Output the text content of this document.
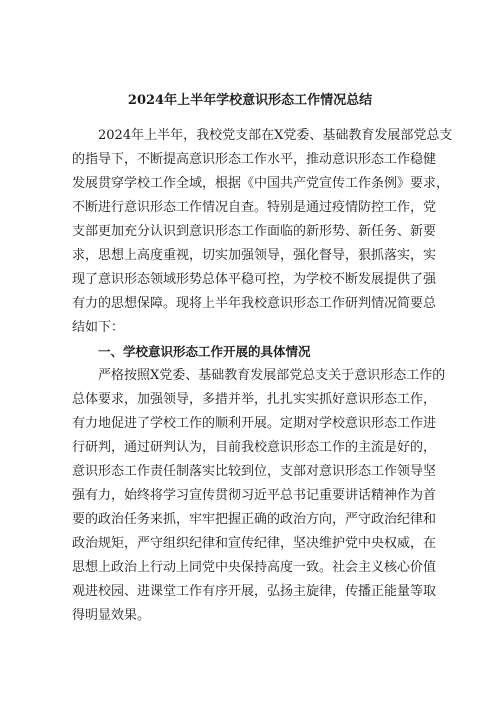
2024年上半年学校意识形态工作情况总结
2024年上半年，我校党支部在X党委、基础教育发展部党总支
的指导下，不断提高意识形态工作水平，推动意识形态工作稳健
发展贯穿学校工作全域，根据《中国共产党宣传工作条例》要求，
不断进行意识形态工作情况自查。特别是通过疫情防控工作，党
支部更加充分认识到意识形态工作面临的新形势、新任务、新要
求，思想上高度重视，切实加强领导，强化督导，狠抓落实，实
现了意识形态领域形势总体平稳可控，为学校不断发展提供了强
有力的思想保障。现将上半年我校意识形态工作研判情况简要总
结如下：
一、学校意识形态工作开展的具体情况
严格按照X党委、基础教育发展部党总支关于意识形态工作的
总体要求，加强领导，多措并举，扎扎实实抓好意识形态工作，
有力地促进了学校工作的顺利开展。定期对学校意识形态工作进
行研判，通过研判认为，目前我校意识形态工作的主流是好的，
意识形态工作责任制落实比较到位，支部对意识形态工作领导坚
强有力，始终将学习宣传贯彻习近平总书记重要讲话精神作为首
要的政治任务来抓，牢牢把握正确的政治方向，严守政治纪律和
政治规矩，严守组织纪律和宣传纪律，坚决维护党中央权威，在
思想上政治上行动上同党中央保持高度一致。社会主义核心价值
观进校园、进课堂工作有序开展，弘扬主旋律，传播正能量等取
得明显效果。
